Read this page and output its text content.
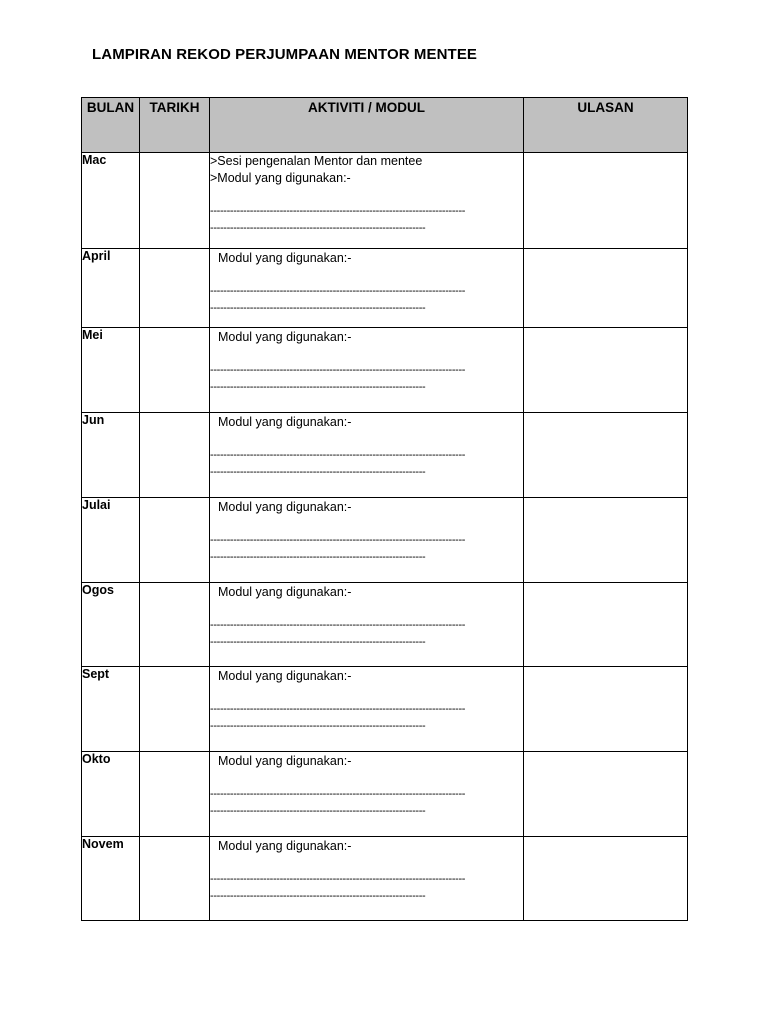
LAMPIRAN REKOD PERJUMPAAN MENTOR MENTEE
BULAN	TARIKH	AKTIVITI / MODUL	ULASAN
Mac		>Sesi pengenalan Mentor dan mentee
>Modul yang digunakan:-
-----------------------------------------------------------------------------
-----------------------------------------------------------------	

April		Modul yang digunakan:-
-----------------------------------------------------------------------------
-----------------------------------------------------------------	

Mei		Modul yang digunakan:-
-----------------------------------------------------------------------------
-----------------------------------------------------------------	

Jun		Modul yang digunakan:-
-----------------------------------------------------------------------------
-----------------------------------------------------------------	

Julai		Modul yang digunakan:-
-----------------------------------------------------------------------------
-----------------------------------------------------------------	

Ogos		Modul yang digunakan:-
-----------------------------------------------------------------------------
-----------------------------------------------------------------	

Sept		Modul yang digunakan:-
-----------------------------------------------------------------------------
-----------------------------------------------------------------	

Okto		Modul yang digunakan:-
-----------------------------------------------------------------------------
-----------------------------------------------------------------	

Novem		Modul yang digunakan:-
-----------------------------------------------------------------------------
-----------------------------------------------------------------	
